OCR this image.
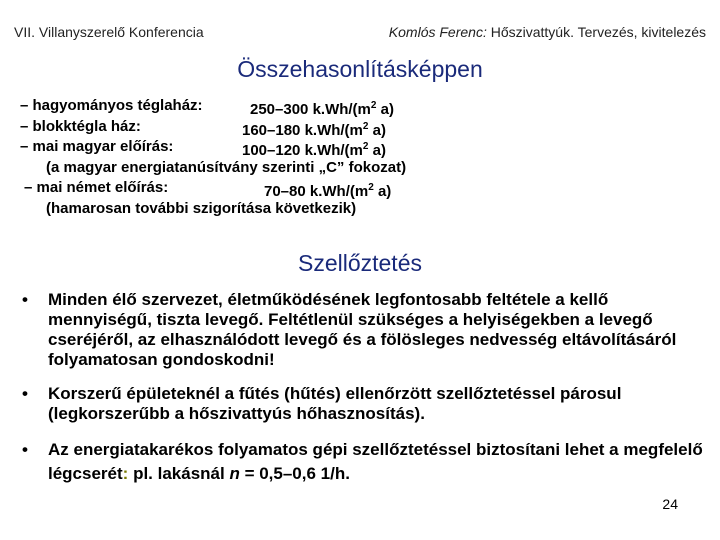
VII. Villanyszerelő Konferencia	Komlós Ferenc: Hőszivattyúk. Tervezés, kivitelezés
Összehasonlításképpen
– hagyományos téglaház:	250–300 $k.Wh/(m^2$ a)
– blokktégla ház:	160–180 $k.Wh/(m^2$ a)
– mai magyar előírás:	100–120 $k.Wh/(m^2$ a)
(a magyar energiatanúsítvány szerinti „C” fokozat)
– mai német előírás:	70–80 $k.Wh/(m^2$ a)
(hamarosan további szigorítása következik)
Szellőztetés
• Minden élő szervezet, életműködésének legfontosabb feltétele a kellő mennyiségű, tiszta levegő. Feltétlenül szükséges a helyiségekben a levegő cseréjéről, az elhasználódott levegő és a fölösleges nedvesség eltávolításáról folyamatosan gondoskodni!
• Korszerű épületeknél a fűtés (hűtés) ellenőrzött szellőztetéssel párosul (legkorszerűbb a hőszivattyús hőhasznosítás).
• Az energiatakarékos folyamatos gépi szellőztetéssel biztosítani lehet a megfelelő légcserét: pl. lakásnál n = 0,5–0,6 1/h.
24
